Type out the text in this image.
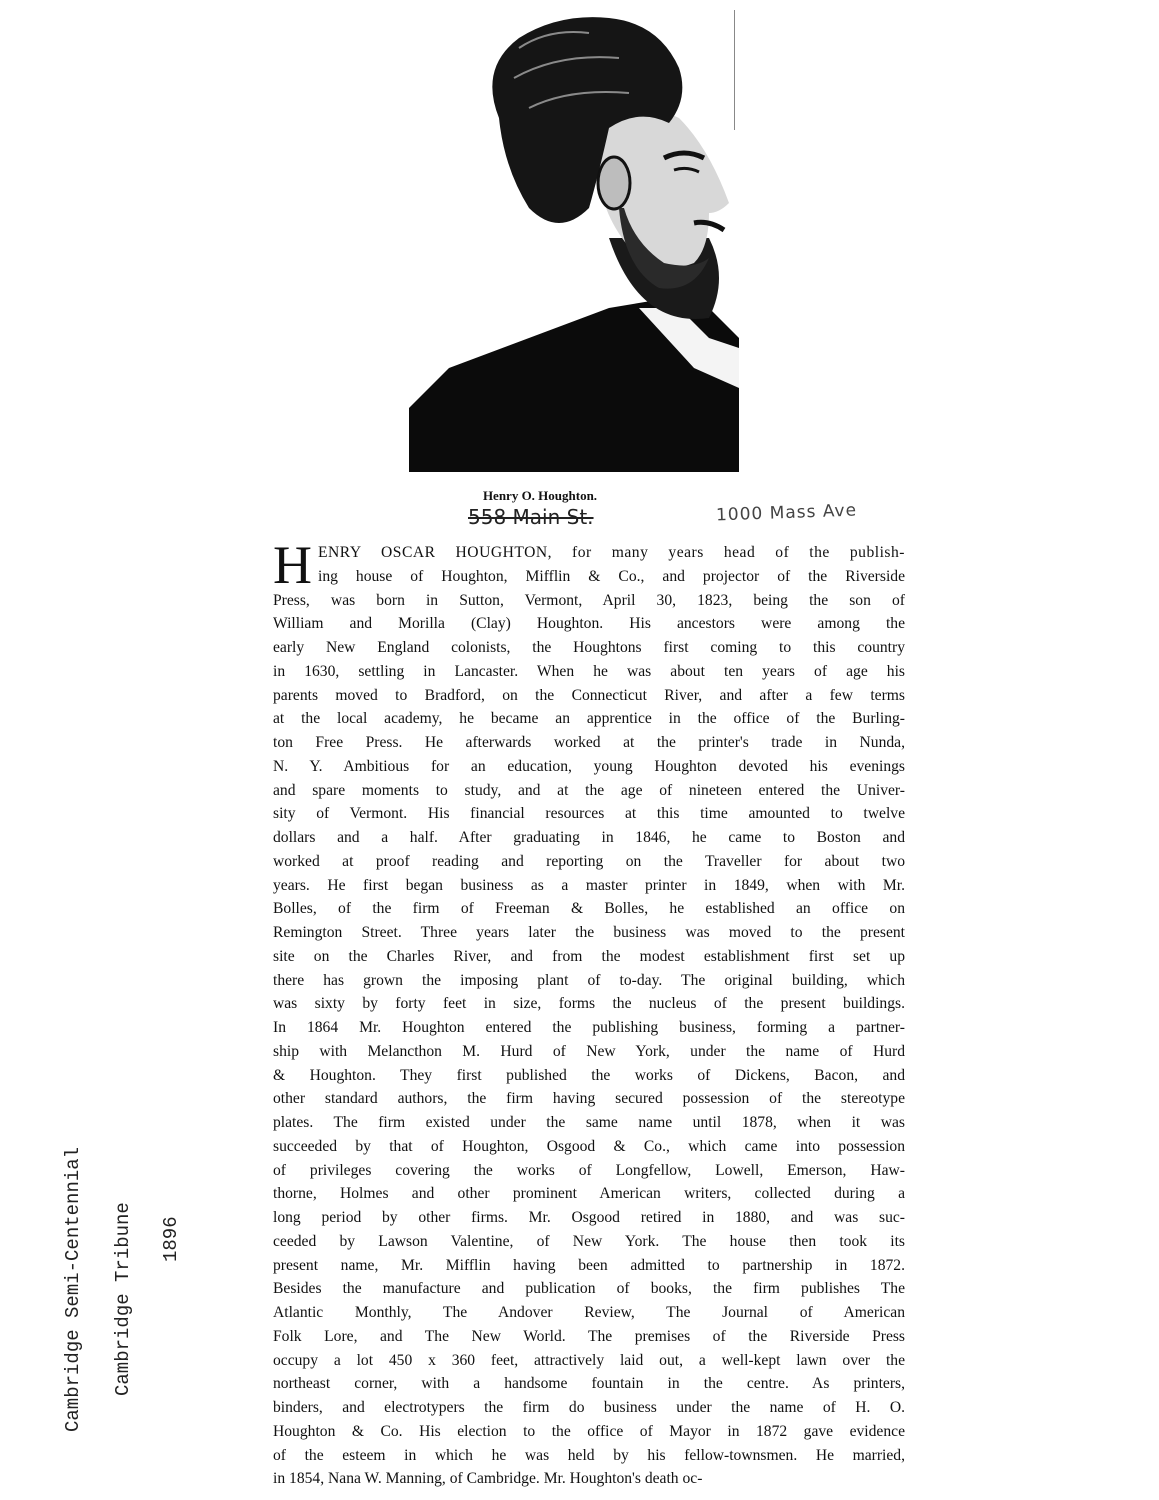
Henry O. Houghton.
558 Main St.	1000 Mass Ave
H ENRY OSCAR HOUGHTON, for many years head of the publish-
ing house of Houghton, Mifflin & Co., and projector of the Riverside
Press, was born in Sutton, Vermont, April 30, 1823, being the son of
William and Morilla (Clay) Houghton. His ancestors were among the
early New England colonists, the Houghtons first coming to this country
in 1630, settling in Lancaster. When he was about ten years of age his
parents moved to Bradford, on the Connecticut River, and after a few terms
at the local academy, he became an apprentice in the office of the Burling-
ton Free Press. He afterwards worked at the printer's trade in Nunda,
N. Y. Ambitious for an education, young Houghton devoted his evenings
and spare moments to study, and at the age of nineteen entered the Univer-
sity of Vermont. His financial resources at this time amounted to twelve
dollars and a half. After graduating in 1846, he came to Boston and
worked at proof reading and reporting on the Traveller for about two
years. He first began business as a master printer in 1849, when with Mr.
Bolles, of the firm of Freeman & Bolles, he established an office on
Remington Street. Three years later the business was moved to the present
site on the Charles River, and from the modest establishment first set up
there has grown the imposing plant of to-day. The original building, which
was sixty by forty feet in size, forms the nucleus of the present buildings.
In 1864 Mr. Houghton entered the publishing business, forming a partner-
ship with Melancthon M. Hurd of New York, under the name of Hurd
& Houghton. They first published the works of Dickens, Bacon, and
other standard authors, the firm having secured possession of the stereotype
plates. The firm existed under the same name until 1878, when it was
succeeded by that of Houghton, Osgood & Co., which came into possession
of privileges covering the works of Longfellow, Lowell, Emerson, Haw-
thorne, Holmes and other prominent American writers, collected during a
long period by other firms. Mr. Osgood retired in 1880, and was suc-
ceeded by Lawson Valentine, of New York. The house then took its
present name, Mr. Mifflin having been admitted to partnership in 1872.
Besides the manufacture and publication of books, the firm publishes The
Atlantic Monthly, The Andover Review, The Journal of American
Folk Lore, and The New World. The premises of the Riverside Press
occupy a lot 450 x 360 feet, attractively laid out, a well-kept lawn over the
northeast corner, with a handsome fountain in the centre. As printers,
binders, and electrotypers the firm do business under the name of H. O.
Houghton & Co. His election to the office of Mayor in 1872 gave evidence
of the esteem in which he was held by his fellow-townsmen. He married,
in 1854, Nana W. Manning, of Cambridge. Mr. Houghton's death oc-
Cambridge Semi-Centennial Cambridge Tribune 1896
